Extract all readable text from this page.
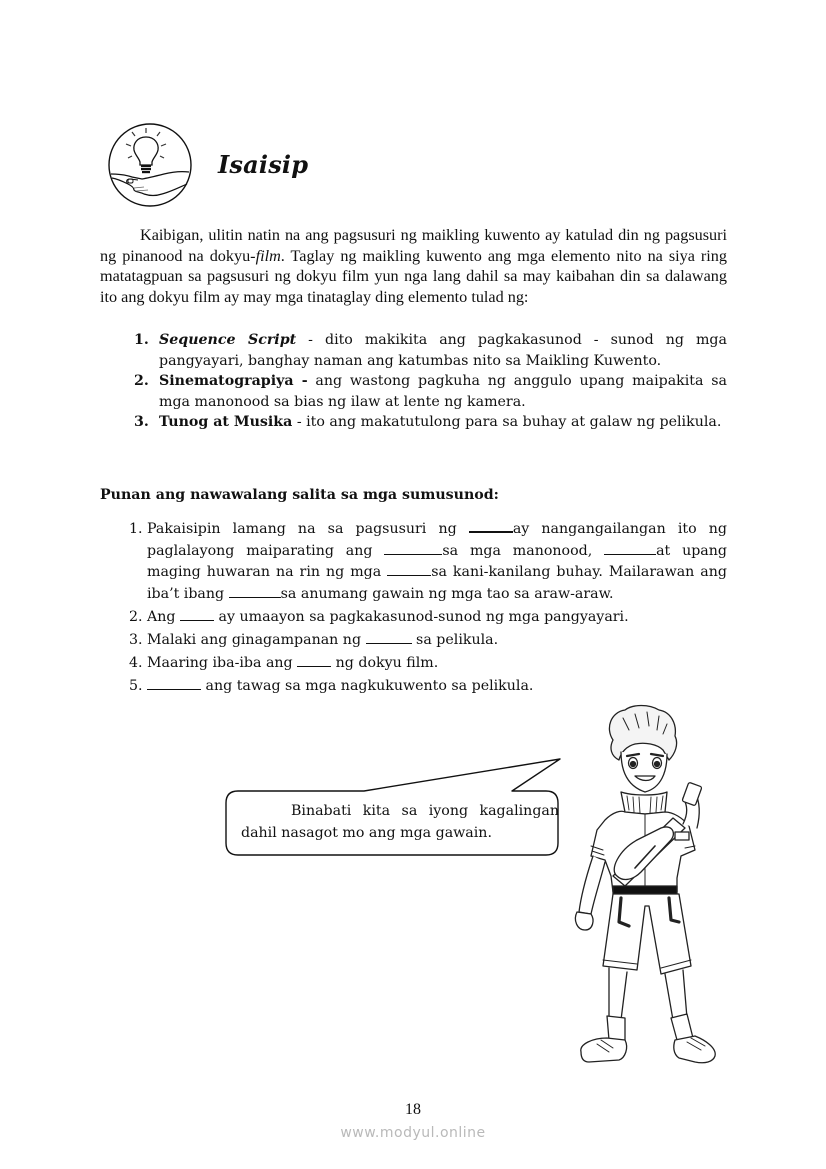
Isaisip

Kaibigan, ulitin natin na ang pagsusuri ng maikling kuwento ay katulad din ng pagsusuri ng pinanood na dokyu-film. Taglay ng maikling kuwento ang mga elemento nito na siya ring matatagpuan sa pagsusuri ng dokyu film yun nga lang dahil sa may kaibahan din sa dalawang ito ang dokyu film ay may mga tinataglay ding elemento tulad ng:

1. Sequence Script - dito makikita ang pagkakasunod - sunod ng mga pangyayari, banghay naman ang katumbas nito sa Maikling Kuwento.
2. Sinematograpiya - ang wastong pagkuha ng anggulo upang maipakita sa mga manonood sa bias ng ilaw at lente ng kamera.
3. Tunog at Musika - ito ang makatutulong para sa buhay at galaw ng pelikula.
Punan ang nawawalang salita sa mga sumusunod:
1. Pakaisipin lamang na sa pagsusuri ng	ay nangangailangan ito ng paglalayong maiparating ang	sa mga manonood,	at upang maging huwaran na rin ng mga	sa kani-kanilang buhay. Mailarawan ang iba’t ibang	sa anumang gawain ng mga tao sa araw-araw.
2. Ang  ay umaayon sa pagkakasunod-sunod ng mga pangyayari.
3. Malaki ang ginagampanan ng	sa pelikula.
4. Maaring iba-iba ang  ng dokyu film.
5.	ang tawag sa mga nagkukuwento sa pelikula.
Binabati kita sa iyong kagalingan dahil nasagot mo ang mga gawain.
18
www.modyul.online
